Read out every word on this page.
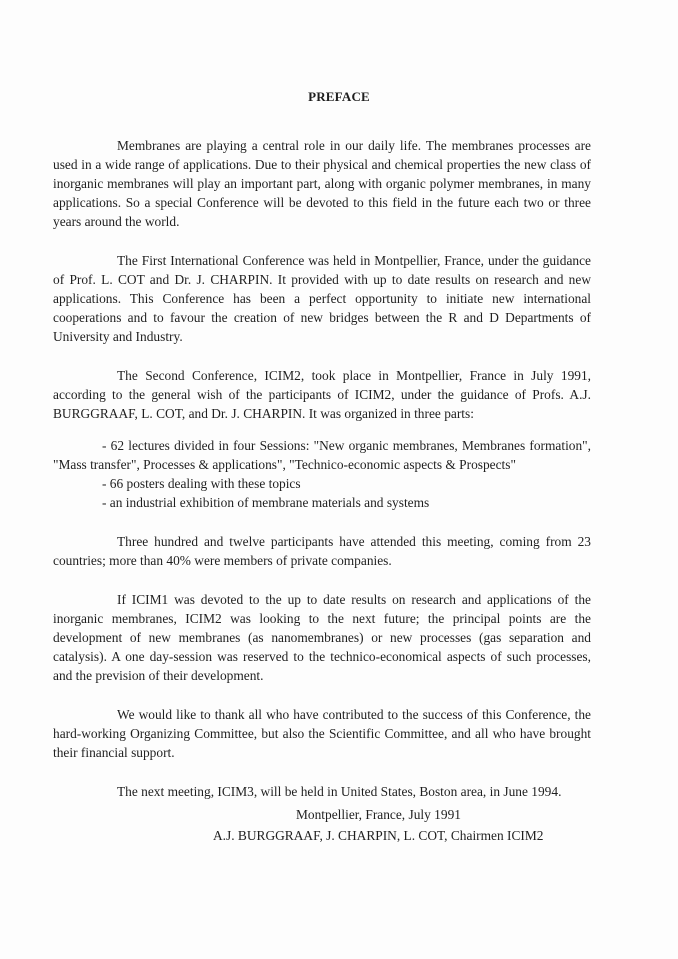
PREFACE

Membranes are playing a central role in our daily life. The membranes processes are used in a wide range of applications. Due to their physical and chemical properties the new class of inorganic membranes will play an important part, along with organic polymer membranes, in many applications. So a special Conference will be devoted to this field in the future each two or three years around the world.

The First International Conference was held in Montpellier, France, under the guidance of Prof. L. COT and Dr. J. CHARPIN. It provided with up to date results on research and new applications. This Conference has been a perfect opportunity to initiate new international cooperations and to favour the creation of new bridges between the R and D Departments of University and Industry.

The Second Conference, ICIM2, took place in Montpellier, France in July 1991, according to the general wish of the participants of ICIM2, under the guidance of Profs. A.J. BURGGRAAF, L. COT, and Dr. J. CHARPIN. It was organized in three parts:

- 62 lectures divided in four Sessions: "New organic membranes, Membranes formation", "Mass transfer", Processes & applications", "Technico-economic aspects & Prospects"

- 66 posters dealing with these topics

- an industrial exhibition of membrane materials and systems

Three hundred and twelve participants have attended this meeting, coming from 23 countries; more than 40% were members of private companies.

If ICIM1 was devoted to the up to date results on research and applications of the inorganic membranes, ICIM2 was looking to the next future; the principal points are the development of new membranes (as nanomembranes) or new processes (gas separation and catalysis). A one day-session was reserved to the technico-economical aspects of such processes, and the prevision of their development.

We would like to thank all who have contributed to the success of this Conference, the hard-working Organizing Committee, but also the Scientific Committee, and all who have brought their financial support.

The next meeting, ICIM3, will be held in United States, Boston area, in June 1994.

Montpellier, France, July 1991

A.J. BURGGRAAF, J. CHARPIN, L. COT, Chairmen ICIM2
